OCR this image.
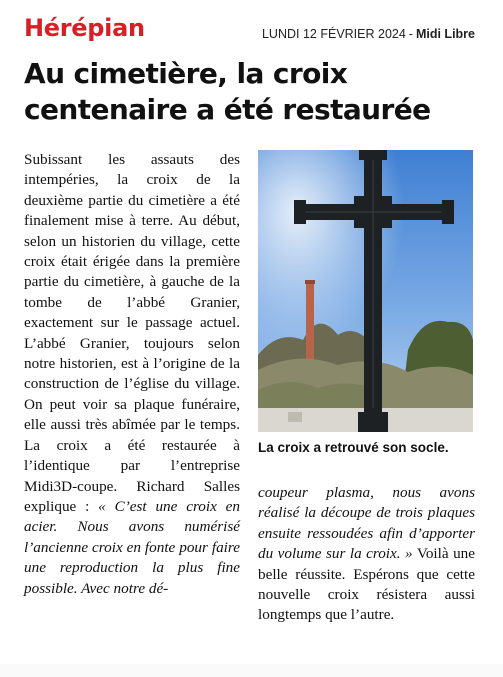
Hérépian	LUNDI 12 FÉVRIER 2024 - Midi Libre
Au cimetière, la croix
centenaire a été restaurée
Subissant les assauts des intempéries, la croix de la deuxième partie du cimetière a été finalement mise à terre. Au début, selon un historien du village, cette croix était érigée dans la première partie du cimetière, à gauche de la tombe de l’abbé Granier, exactement sur le passage actuel. L’abbé Granier, toujours selon notre historien, est à l’origine de la construction de l’église du village. On peut voir sa plaque funéraire, elle aussi très abîmée par le temps. La croix a été restaurée à l’identique par l’entreprise Midi3D-coupe. Richard Salles explique : « C’est une croix en acier. Nous avons numérisé l’ancienne croix en fonte pour faire une reproduction la plus fine possible. Avec notre dé-
La croix a retrouvé son socle.
coupeur plasma, nous avons réalisé la découpe de trois plaques ensuite ressoudées afin d’apporter du volume sur la croix. » Voilà une belle réussite. Espérons que cette nouvelle croix résistera aussi longtemps que l’autre.
